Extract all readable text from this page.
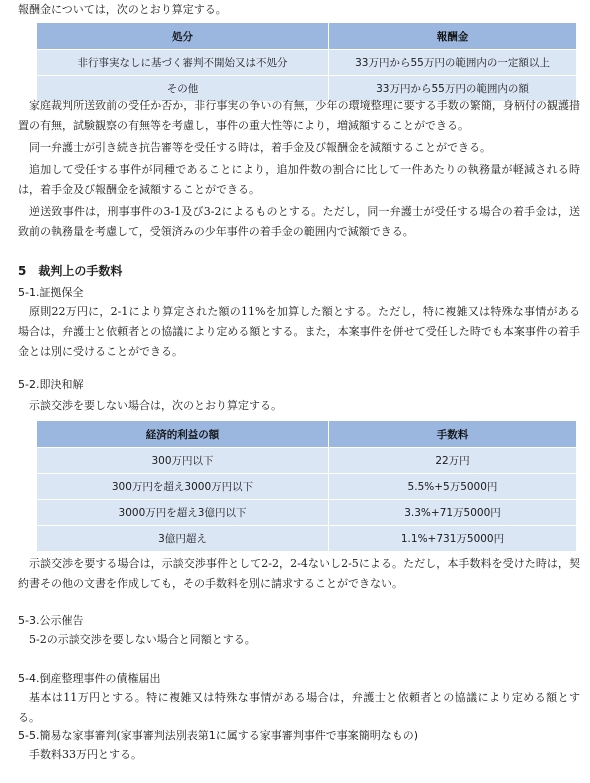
報酬金については，次のとおり算定する。
処分	報酬金
非行事実なしに基づく審判不開始又は不処分	33万円から55万円の範囲内の一定額以上
その他	33万円から55万円の範囲内の額
家庭裁判所送致前の受任か否か，非行事実の争いの有無，少年の環境整理に要する手数の繁簡，身柄付の観護措置の有無，試験観察の有無等を考慮し，事件の重大性等により，増減額することができる。
同一弁護士が引き続き抗告審等を受任する時は，着手金及び報酬金を減額することができる。
追加して受任する事件が同種であることにより，追加件数の割合に比して一件あたりの執務量が軽減される時は，着手金及び報酬金を減額することができる。
逆送致事件は，刑事事件の3-1及び3-2によるものとする。ただし，同一弁護士が受任する場合の着手金は，送致前の執務量を考慮して，受領済みの少年事件の着手金の範囲内で減額できる。
5　裁判上の手数料
5-1.証拠保全
原則22万円に，2-1により算定された額の11%を加算した額とする。ただし，特に複雑又は特殊な事情がある場合は，弁護士と依頼者との協議により定める額とする。また，本案事件を併せて受任した時でも本案事件の着手金とは別に受けることができる。
5-2.即決和解
示談交渉を要しない場合は，次のとおり算定する。
経済的利益の額	手数料
300万円以下	22万円
300万円を超え3000万円以下	5.5%+5万5000円
3000万円を超え3億円以下	3.3%+71万5000円
3億円超え	1.1%+731万5000円
示談交渉を要する場合は，示談交渉事件として2-2，2-4ないし2-5による。ただし，本手数料を受けた時は，契約書その他の文書を作成しても，その手数料を別に請求することができない。
5-3.公示催告
5-2の示談交渉を要しない場合と同額とする。
5-4.倒産整理事件の債権届出
基本は11万円とする。特に複雑又は特殊な事情がある場合は，弁護士と依頼者との協議により定める額とする。
5-5.簡易な家事審判(家事審判法別表第1に属する家事審判事件で事案簡明なもの)
手数料33万円とする。
